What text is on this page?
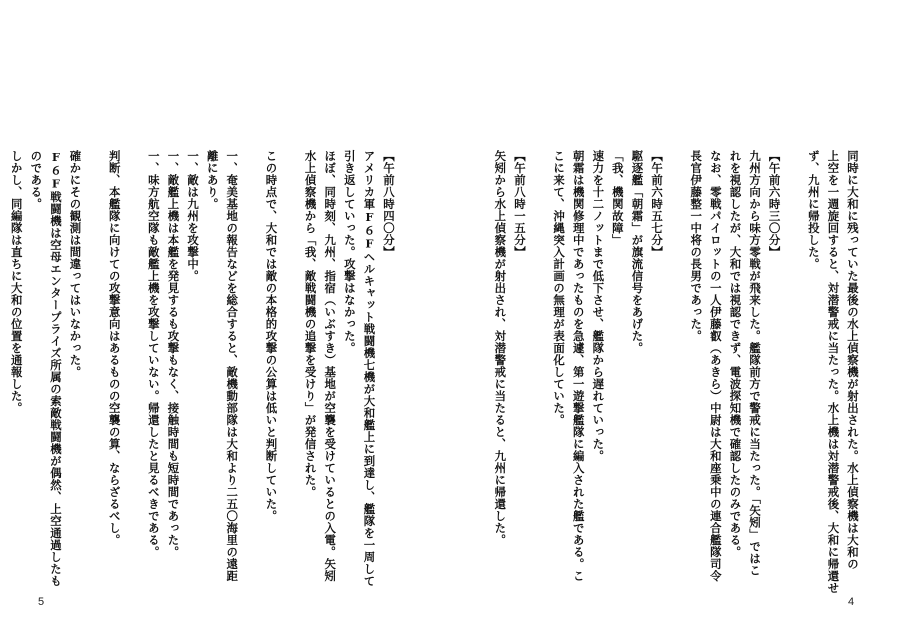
【午前八時四〇分】
アメリカ軍F６Fヘルキャット戦闘機七機が大和艦上に到達し、艦隊を一周して
引き返していった。攻撃はなかった。
ほぼ、同時刻、九州、指宿（いぶすき）基地が空襲を受けているとの入電。矢矧
水上偵察機から「我、敵戦闘機の追撃を受けり」が発信された。

この時点で、大和では敵の本格的攻撃の公算は低いと判断していた。

一、奄美基地の報告などを総合すると、敵機動部隊は大和より二五〇海里の遠距
離にあり。
一、敵は九州を攻撃中。
一、敵艦上機は本艦を発見するも攻撃もなく、接触時間も短時間であった。
一、味方航空隊も敵艦上機を攻撃していない。帰還したと見るべきである。

判断、本艦隊に向けての攻撃意向はあるものの空襲の算、ならざるべし。

確かにその観測は間違ってはいなかった。
F６F戦闘機は空母エンタープライズ所属の索敵戦闘機が偶然、上空通過したも
のである。
しかし、同編隊は直ちに大和の位置を通報した。
5
同時に大和に残っていた最後の水上偵察機が射出された。水上偵察機は大和の
上空を一週旋回すると、対潜警戒に当たった。水上機は対潜警戒後、大和に帰還せ
ず、九州に帰投した。

【午前六時三〇分】
九州方向から味方零戦が飛来した。艦隊前方で警戒に当たった。「矢矧」ではこ
れを視認したが、大和では視認できず、電波探知機で確認したのみである。
なお、零戦パイロットの一人伊藤叡（あきら）中尉は大和座乗中の連合艦隊司令
長官伊藤整一中将の長男であった。

【午前六時五七分】
駆逐艦「朝霜」が旗流信号をあげた。
「我、機関故障」
速力を十二ノットまで低下させ、艦隊から遅れていった。
朝霜は機関修理中であったものを急遽、第一遊撃艦隊に編入された艦である。こ
こに来て、沖縄突入計画の無理が表面化していた。

【午前八時一五分】
矢矧から水上偵察機が射出され、対潜警戒に当たると、九州に帰還した。
4
